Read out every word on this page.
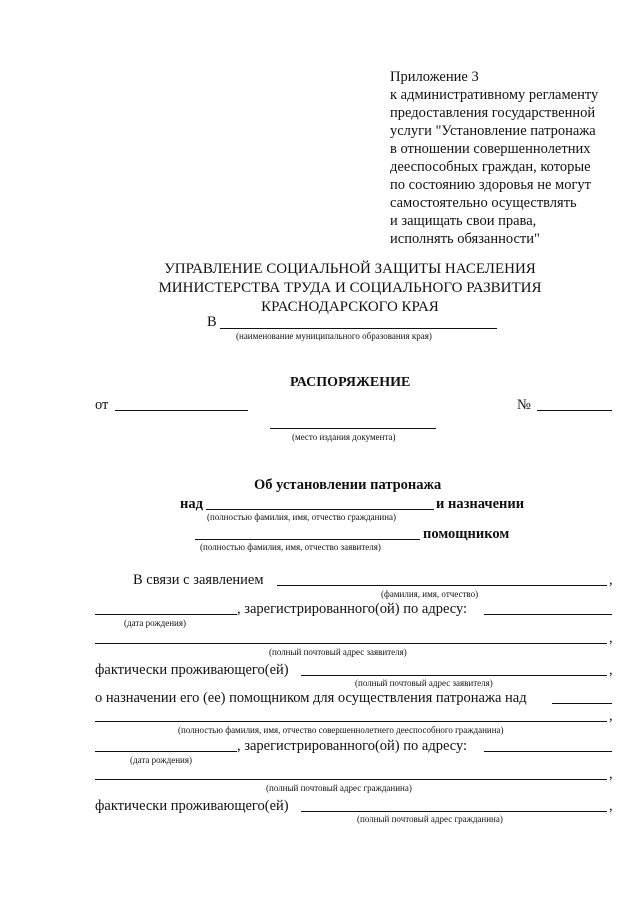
Приложение 3
к административному регламенту
предоставления государственной
услуги "Установление патронажа
в отношении совершеннолетних
дееспособных граждан, которые
по состоянию здоровья не могут
самостоятельно осуществлять
и защищать свои права,
исполнять обязанности"
УПРАВЛЕНИЕ СОЦИАЛЬНОЙ ЗАЩИТЫ НАСЕЛЕНИЯ
МИНИСТЕРСТВА ТРУДА И СОЦИАЛЬНОГО РАЗВИТИЯ
КРАСНОДАРСКОГО КРАЯ
В
(наименование муниципального образования края)
РАСПОРЯЖЕНИЕ
от	№
(место издания документа)
Об установлении патронажа
над	и назначении
(полностью фамилия, имя, отчество гражданина)
помощником
(полностью фамилия, имя, отчество заявителя)
В связи с заявлением	,
(фамилия, имя, отчество)
, зарегистрированного(ой) по адресу:
(дата рождения)
,
(полный почтовый адрес заявителя)
фактически проживающего(ей)	,
(полный почтовый адрес заявителя)
о назначении его (ее) помощником для осуществления патронажа над
,
(полностью фамилия, имя, отчество совершеннолетнего дееспособного гражданина)
, зарегистрированного(ой) по адресу:
(дата рождения)
,
(полный почтовый адрес гражданина)
фактически проживающего(ей)	,
(полный почтовый адрес гражданина)
